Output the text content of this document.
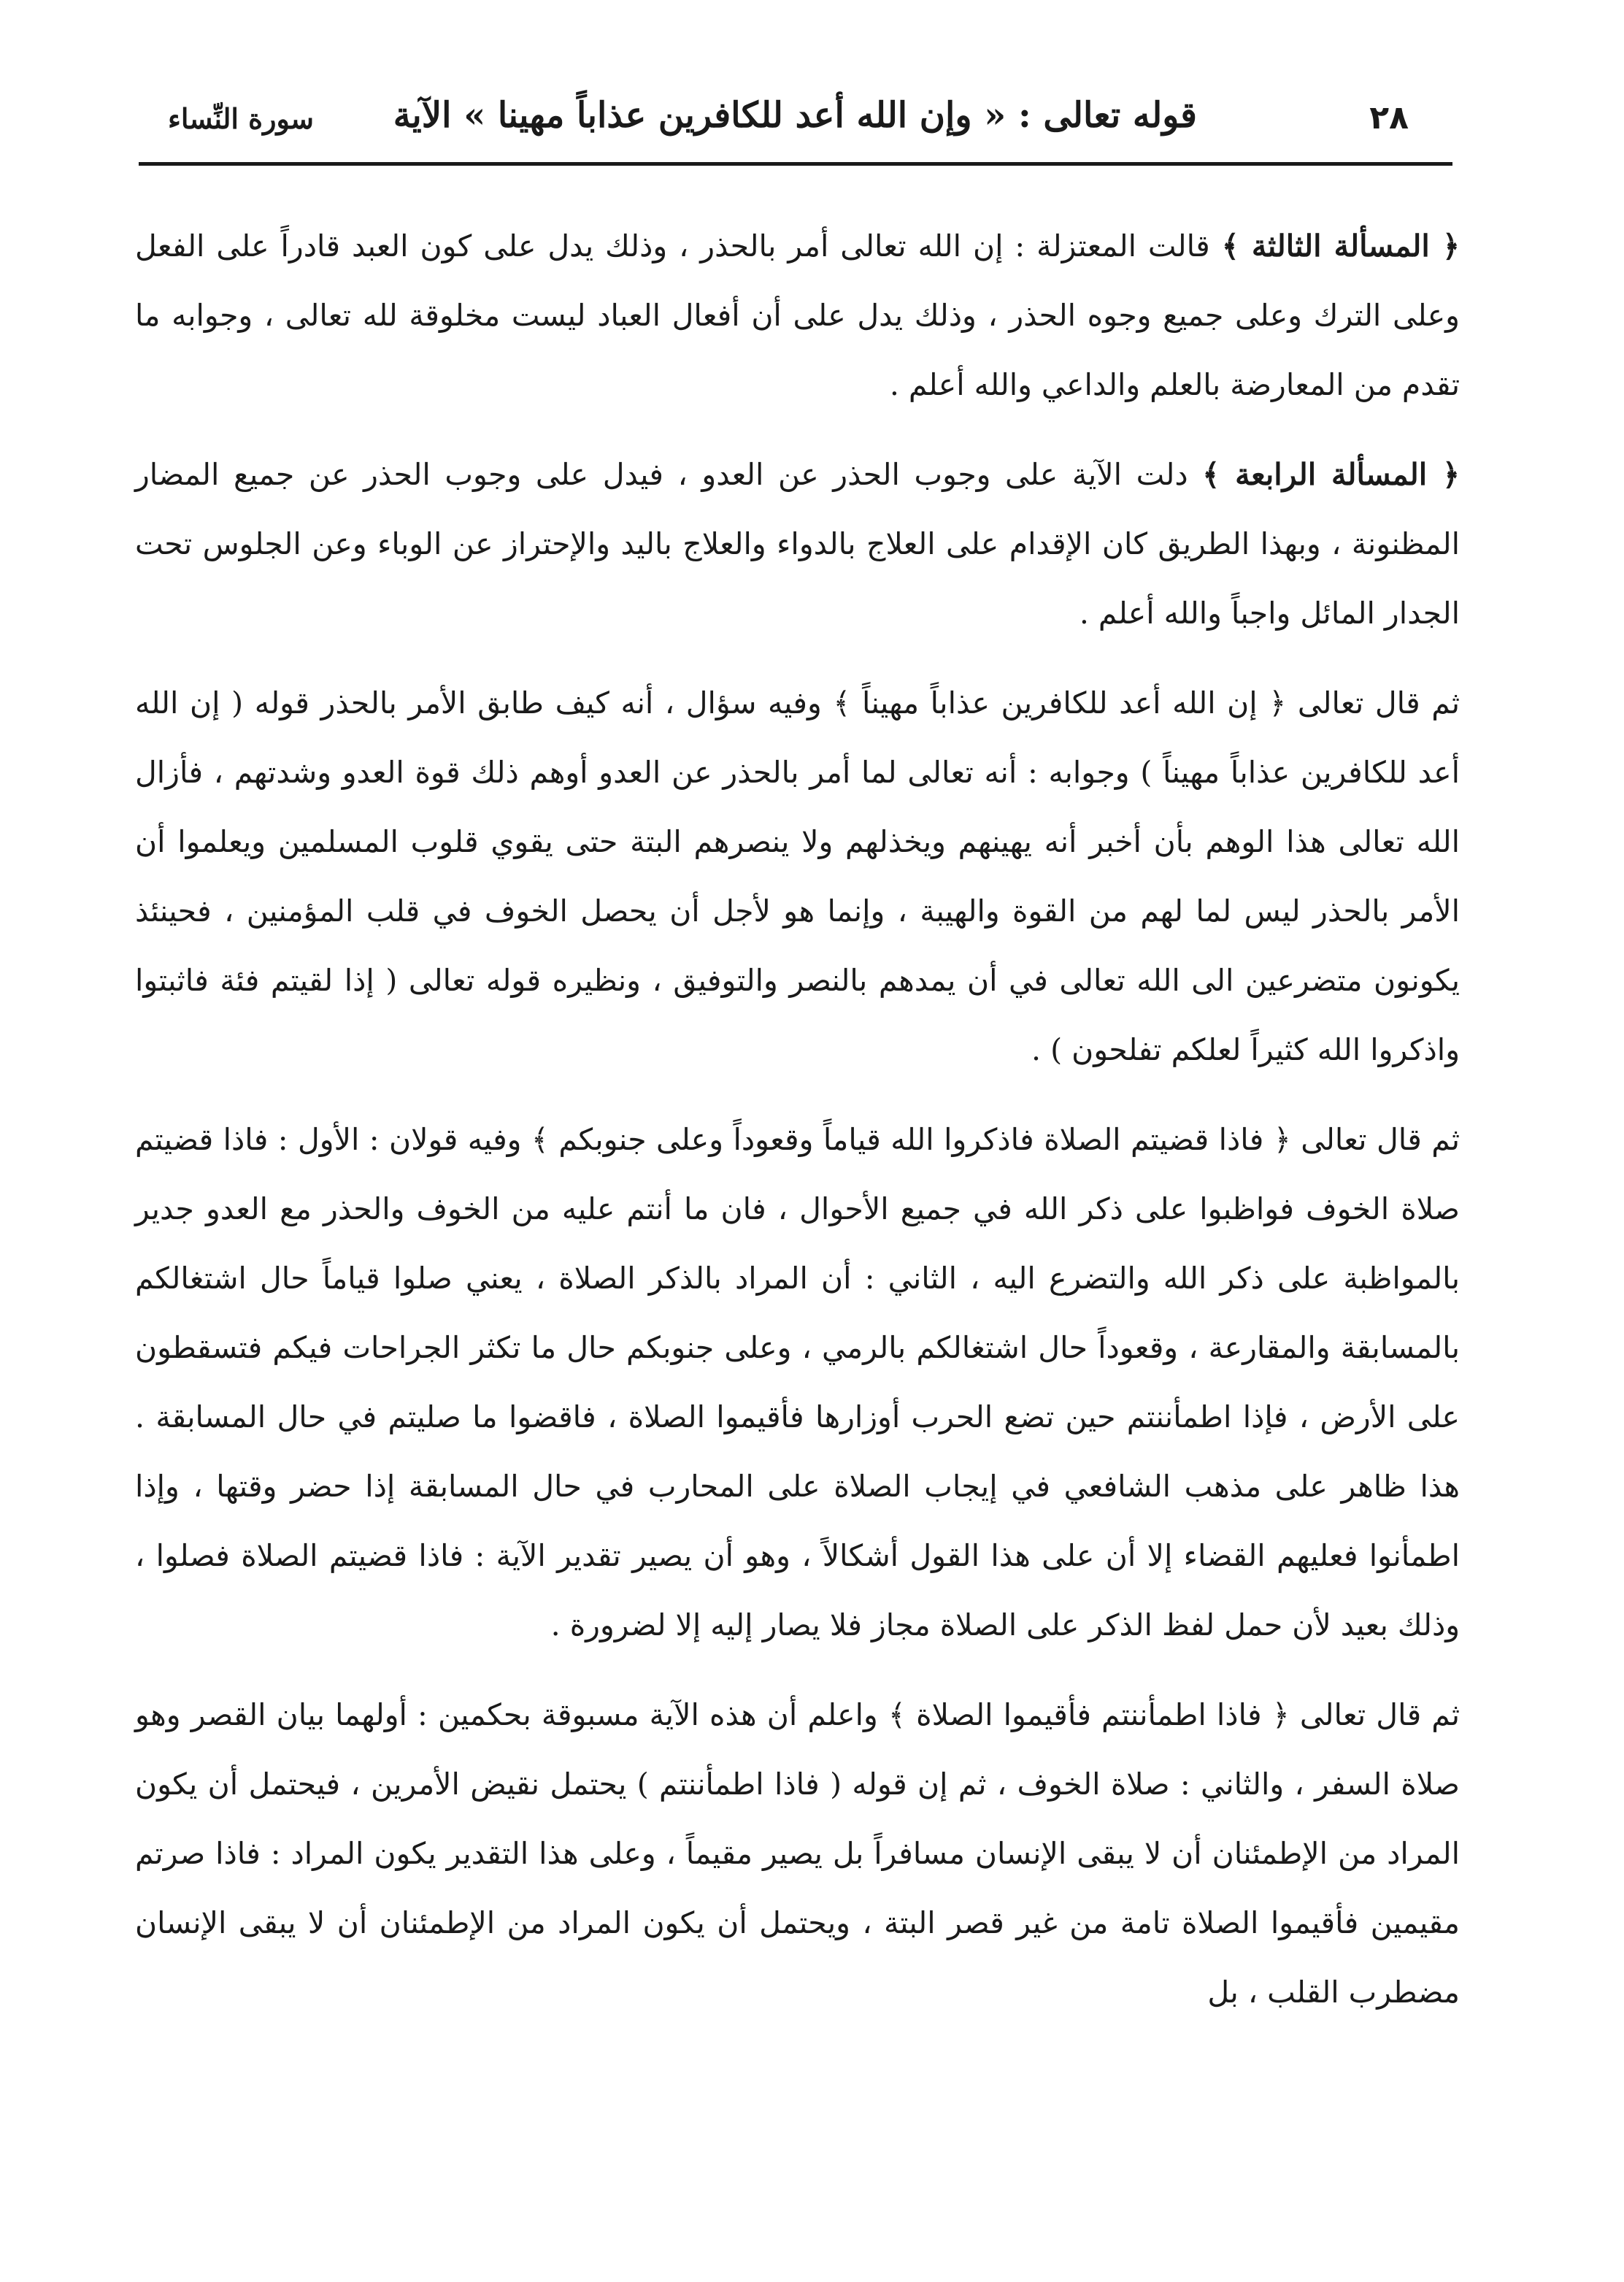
٢٨
قوله تعالى : « وإن الله أعد للكافرين عذاباً مهينا » الآية
سورة النِّساء

﴿ المسألة الثالثة ﴾ قالت المعتزلة : إن الله تعالى أمر بالحذر ، وذلك يدل على كون العبد قادراً على الفعل وعلى الترك وعلى جميع وجوه الحذر ، وذلك يدل على أن أفعال العباد ليست مخلوقة لله تعالى ، وجوابه ما تقدم من المعارضة بالعلم والداعي والله أعلم .

﴿ المسألة الرابعة ﴾ دلت الآية على وجوب الحذر عن العدو ، فيدل على وجوب الحذر عن جميع المضار المظنونة ، وبهذا الطريق كان الإقدام على العلاج بالدواء والعلاج باليد والإحتراز عن الوباء وعن الجلوس تحت الجدار المائل واجباً والله أعلم .

ثم قال تعالى ﴿ إن الله أعد للكافرين عذاباً مهيناً ﴾ وفيه سؤال ، أنه كيف طابق الأمر بالحذر قوله ( إن الله أعد للكافرين عذاباً مهيناً ) وجوابه : أنه تعالى لما أمر بالحذر عن العدو أوهم ذلك قوة العدو وشدتهم ، فأزال الله تعالى هذا الوهم بأن أخبر أنه يهينهم ويخذلهم ولا ينصرهم البتة حتى يقوي قلوب المسلمين ويعلموا أن الأمر بالحذر ليس لما لهم من القوة والهيبة ، وإنما هو لأجل أن يحصل الخوف في قلب المؤمنين ، فحينئذ يكونون متضرعين الى الله تعالى في أن يمدهم بالنصر والتوفيق ، ونظيره قوله تعالى ( إذا لقيتم فئة فاثبتوا واذكروا الله كثيراً لعلكم تفلحون ) .

ثم قال تعالى ﴿ فاذا قضيتم الصلاة فاذكروا الله قياماً وقعوداً وعلى جنوبكم ﴾ وفيه قولان : الأول : فاذا قضيتم صلاة الخوف فواظبوا على ذكر الله في جميع الأحوال ، فان ما أنتم عليه من الخوف والحذر مع العدو جدير بالمواظبة على ذكر الله والتضرع اليه ، الثاني : أن المراد بالذكر الصلاة ، يعني صلوا قياماً حال اشتغالكم بالمسابقة والمقارعة ، وقعوداً حال اشتغالكم بالرمي ، وعلى جنوبكم حال ما تكثر الجراحات فيكم فتسقطون على الأرض ، فإذا اطمأننتم حين تضع الحرب أوزارها فأقيموا الصلاة ، فاقضوا ما صليتم في حال المسابقة . هذا ظاهر على مذهب الشافعي في إيجاب الصلاة على المحارب في حال المسابقة إذا حضر وقتها ، وإذا اطمأنوا فعليهم القضاء إلا أن على هذا القول أشكالاً ، وهو أن يصير تقدير الآية : فاذا قضيتم الصلاة فصلوا ، وذلك بعيد لأن حمل لفظ الذكر على الصلاة مجاز فلا يصار إليه إلا لضرورة .

ثم قال تعالى ﴿ فاذا اطمأننتم فأقيموا الصلاة ﴾ واعلم أن هذه الآية مسبوقة بحكمين : أولهما بيان القصر وهو صلاة السفر ، والثاني : صلاة الخوف ، ثم إن قوله ( فاذا اطمأننتم ) يحتمل نقيض الأمرين ، فيحتمل أن يكون المراد من الإطمئنان أن لا يبقى الإنسان مسافراً بل يصير مقيماً ، وعلى هذا التقدير يكون المراد : فاذا صرتم مقيمين فأقيموا الصلاة تامة من غير قصر البتة ، ويحتمل أن يكون المراد من الإطمئنان أن لا يبقى الإنسان مضطرب القلب ، بل
